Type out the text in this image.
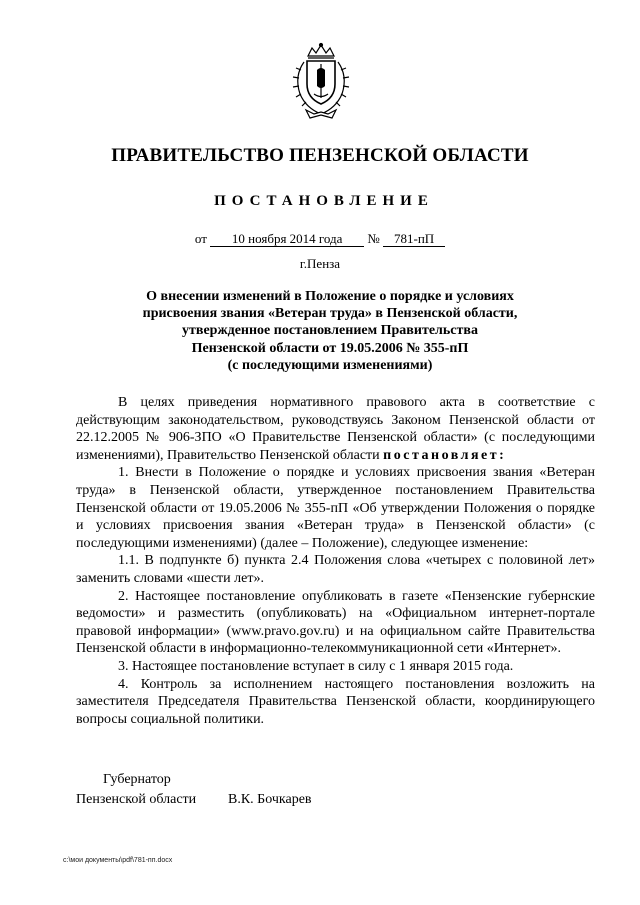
ПРАВИТЕЛЬСТВО ПЕНЗЕНСКОЙ ОБЛАСТИ
ПОСТАНОВЛЕНИЕ
от 10 ноября 2014 года № 781-пП
г.Пенза
О внесении изменений в Положение о порядке и условиях
присвоения звания «Ветеран труда» в Пензенской области,
утвержденное постановлением Правительства
Пензенской области от 19.05.2006 № 355-пП
(с последующими изменениями)

В целях приведения нормативного правового акта в соответствие с действующим законодательством, руководствуясь Законом Пензенской области от 22.12.2005 № 906-ЗПО «О Правительстве Пензенской области» (с последующими изменениями), Правительство Пензенской области постановляет:

1. Внести в Положение о порядке и условиях присвоения звания «Ветеран труда» в Пензенской области, утвержденное постановлением Правительства Пензенской области от 19.05.2006 № 355-пП «Об утверждении Положения о порядке и условиях присвоения звания «Ветеран труда» в Пензенской области» (с последующими изменениями) (далее – Положение), следующее изменение:

1.1. В подпункте б) пункта 2.4 Положения слова «четырех с половиной лет» заменить словами «шести лет».

2. Настоящее постановление опубликовать в газете «Пензенские губернские ведомости» и разместить (опубликовать) на «Официальном интернет-портале правовой информации» (www.pravo.gov.ru) и на официальном сайте Правительства Пензенской области в информационно-телекоммуникационной сети «Интернет».

3. Настоящее постановление вступает в силу с 1 января 2015 года.

4. Контроль за исполнением настоящего постановления возложить на заместителя Председателя Правительства Пензенской области, координирующего вопросы социальной политики.

Губернатор
Пензенской области В.К. Бочкарев
c:\мои документы\pdf\781-пп.docx
